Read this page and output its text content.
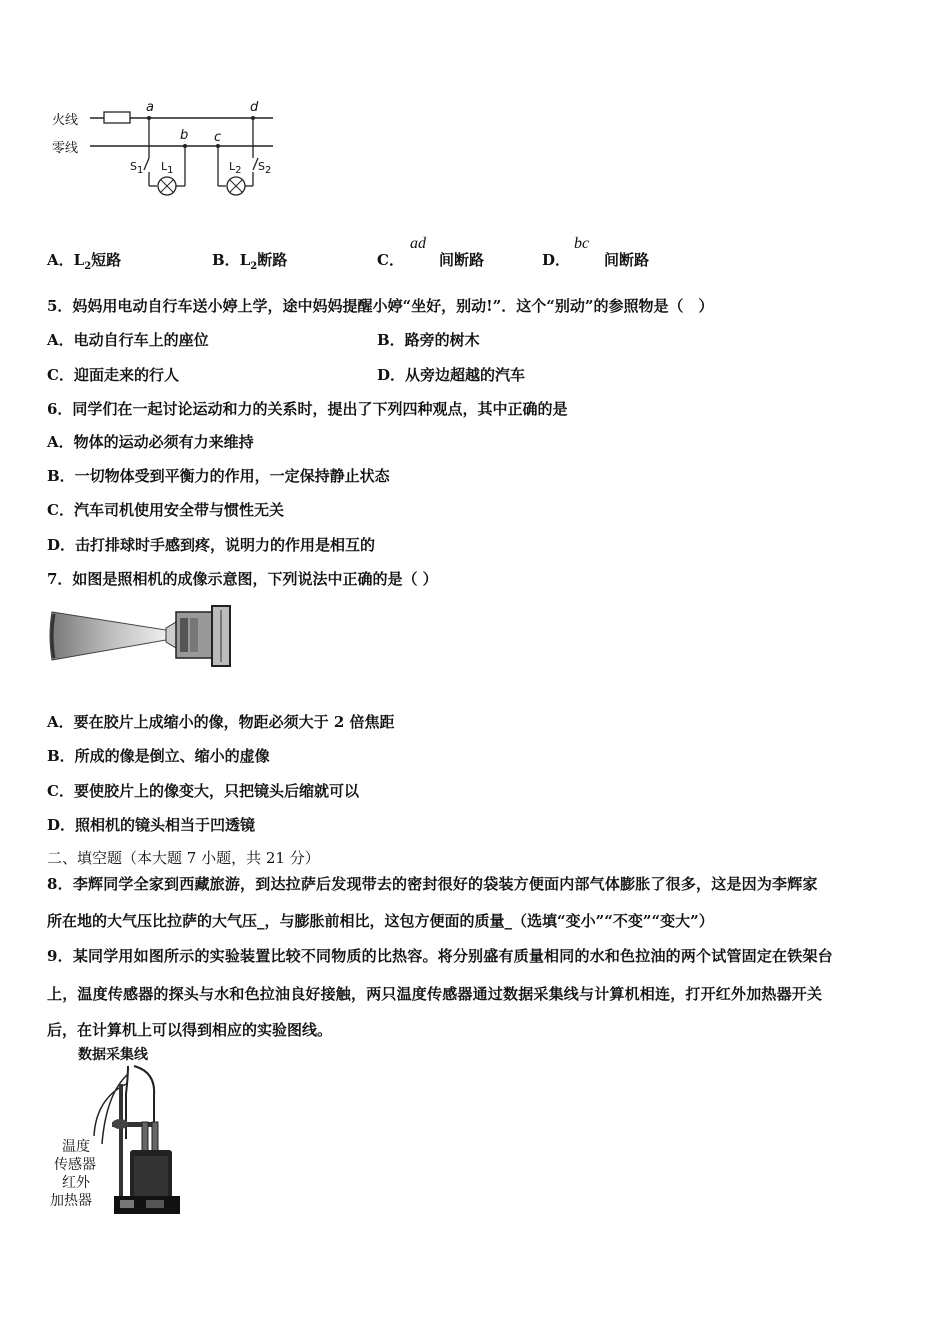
火线
零线
a	d
b c
$S_1$ $L_1$	$L_2$ $S_2$
A．$L_2$短路	B．$L_2$断路	C．
ad
间断路	D．
bc
间断路
5．妈妈用电动自行车送小婷上学，途中妈妈提醒小婷“坐好，别动!”．这个“别动”的参照物是（　）
A．电动自行车上的座位	B．路旁的树木
C．迎面走来的行人	D．从旁边超越的汽车
6．同学们在一起讨论运动和力的关系时，提出了下列四种观点，其中正确的是
A．物体的运动必须有力来维持
B．一切物体受到平衡力的作用，一定保持静止状态
C．汽车司机使用安全带与惯性无关
D．击打排球时手感到疼，说明力的作用是相互的
7．如图是照相机的成像示意图，下列说法中正确的是（ ）
A．要在胶片上成缩小的像，物距必须大于 2 倍焦距
B．所成的像是倒立、缩小的虚像
C．要使胶片上的像变大，只把镜头后缩就可以
D．照相机的镜头相当于凹透镜
二、填空题（本大题 7 小题，共 21 分）
8．李辉同学全家到西藏旅游，到达拉萨后发现带去的密封很好的袋装方便面内部气体膨胀了很多，这是因为李辉家
所在地的大气压比拉萨的大气压_，与膨胀前相比，这包方便面的质量_（选填“变小”“不变”“变大”）
9．某同学用如图所示的实验装置比较不同物质的比热容。将分别盛有质量相同的水和色拉油的两个试管固定在铁架台
上，温度传感器的探头与水和色拉油良好接触，两只温度传感器通过数据采集线与计算机相连，打开红外加热器开关
后，在计算机上可以得到相应的实验图线。
数据采集线
温度
传感器
红外
加热器
